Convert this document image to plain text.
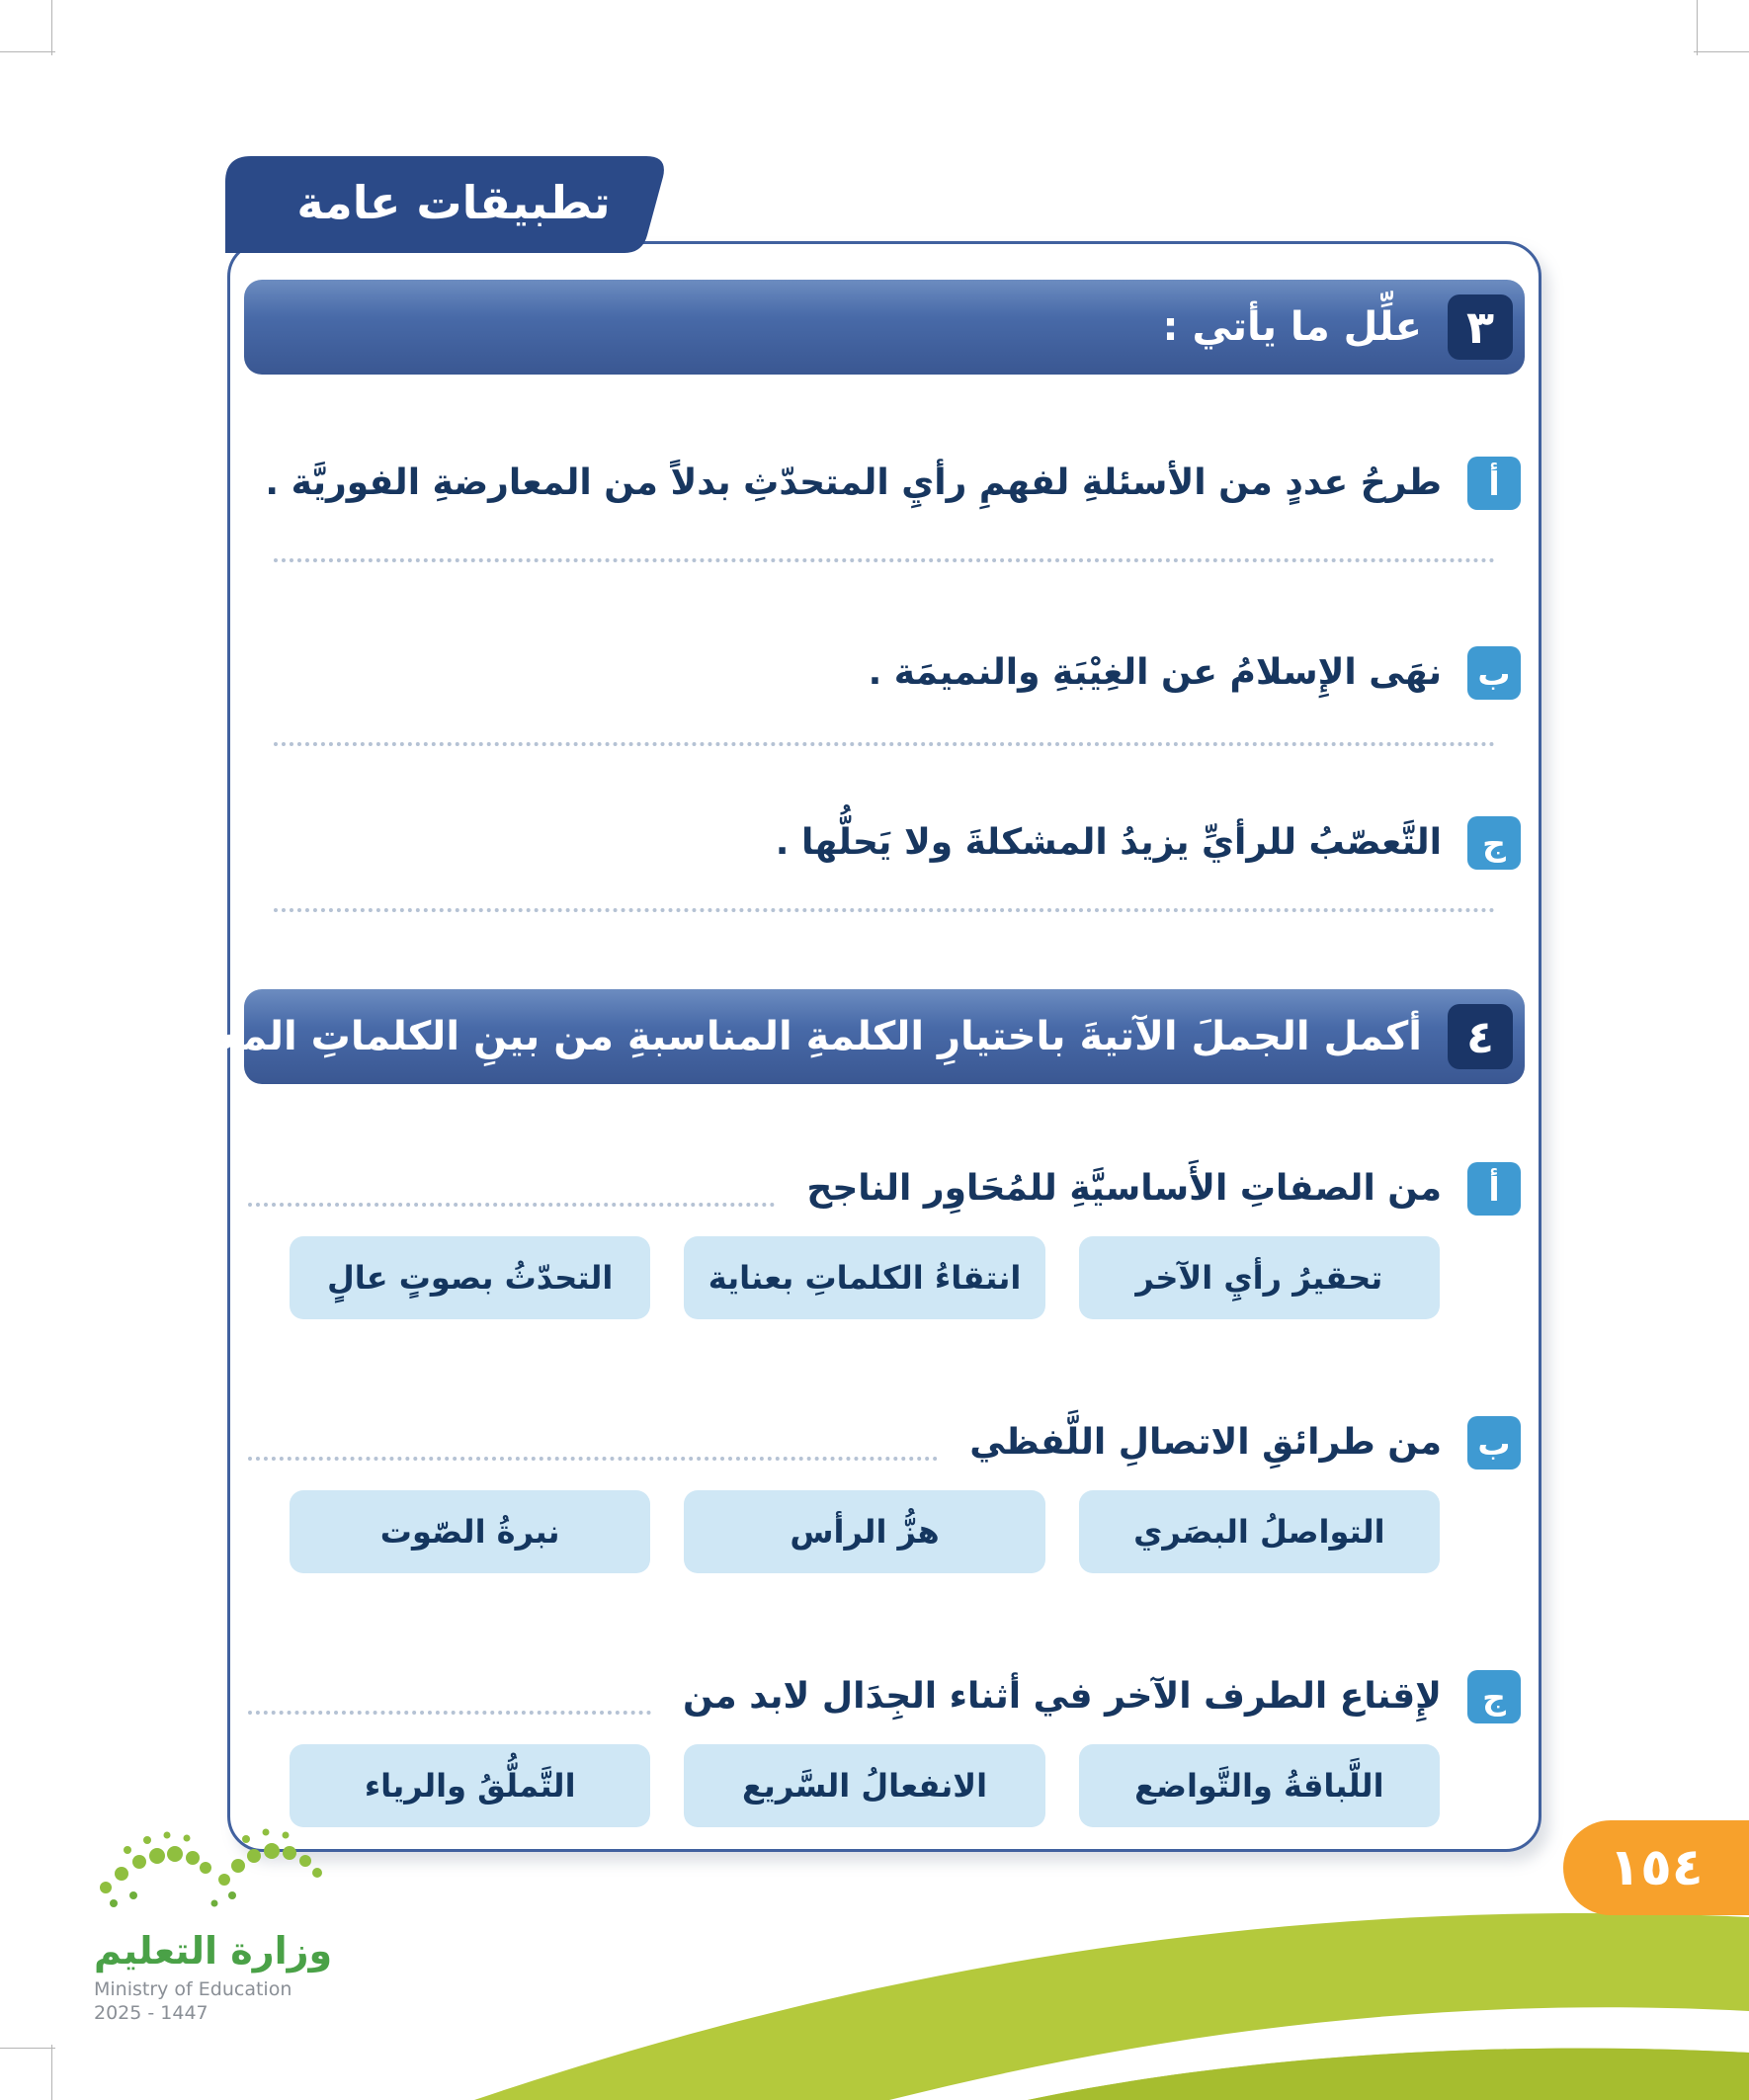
تطبيقات عامة
٣
علِّل ما يأتي :
أ
طرحُ عددٍ من الأسئلةِ لفهمِ رأيِ المتحدّثِ بدلاً من المعارضةِ الفوريَّة .
ب
نهَى الإِسلامُ عن الغِيْبَةِ والنميمَة .
ج
التَّعصّبُ للرأيِّ يزيدُ المشكلةَ ولا يَحلُّها .
٤
أكمل الجملَ الآتيةَ باختيارِ الكلمةِ المناسبةِ من بينِ الكلماتِ المعطَاة :
أ
من الصفاتِ الأَساسيَّةِ للمُحَاوِر الناجح
تحقيرُ رأيِ الآخر
انتقاءُ الكلماتِ بعناية
التحدّثُ بصوتٍ عالٍ
ب
من طرائقِ الاتصالِ اللَّفظي
التواصلُ البصَري
هزُّ الرأس
نبرةُ الصّوت
ج
لإِقناع الطرف الآخر في أثناء الجِدَال لابد من
اللَّباقةُ والتَّواضع
الانفعالُ السَّريع
التَّملُّقُ والرياء
١٥٤
وزارة التعليم
Ministry of Education
2025 - 1447
